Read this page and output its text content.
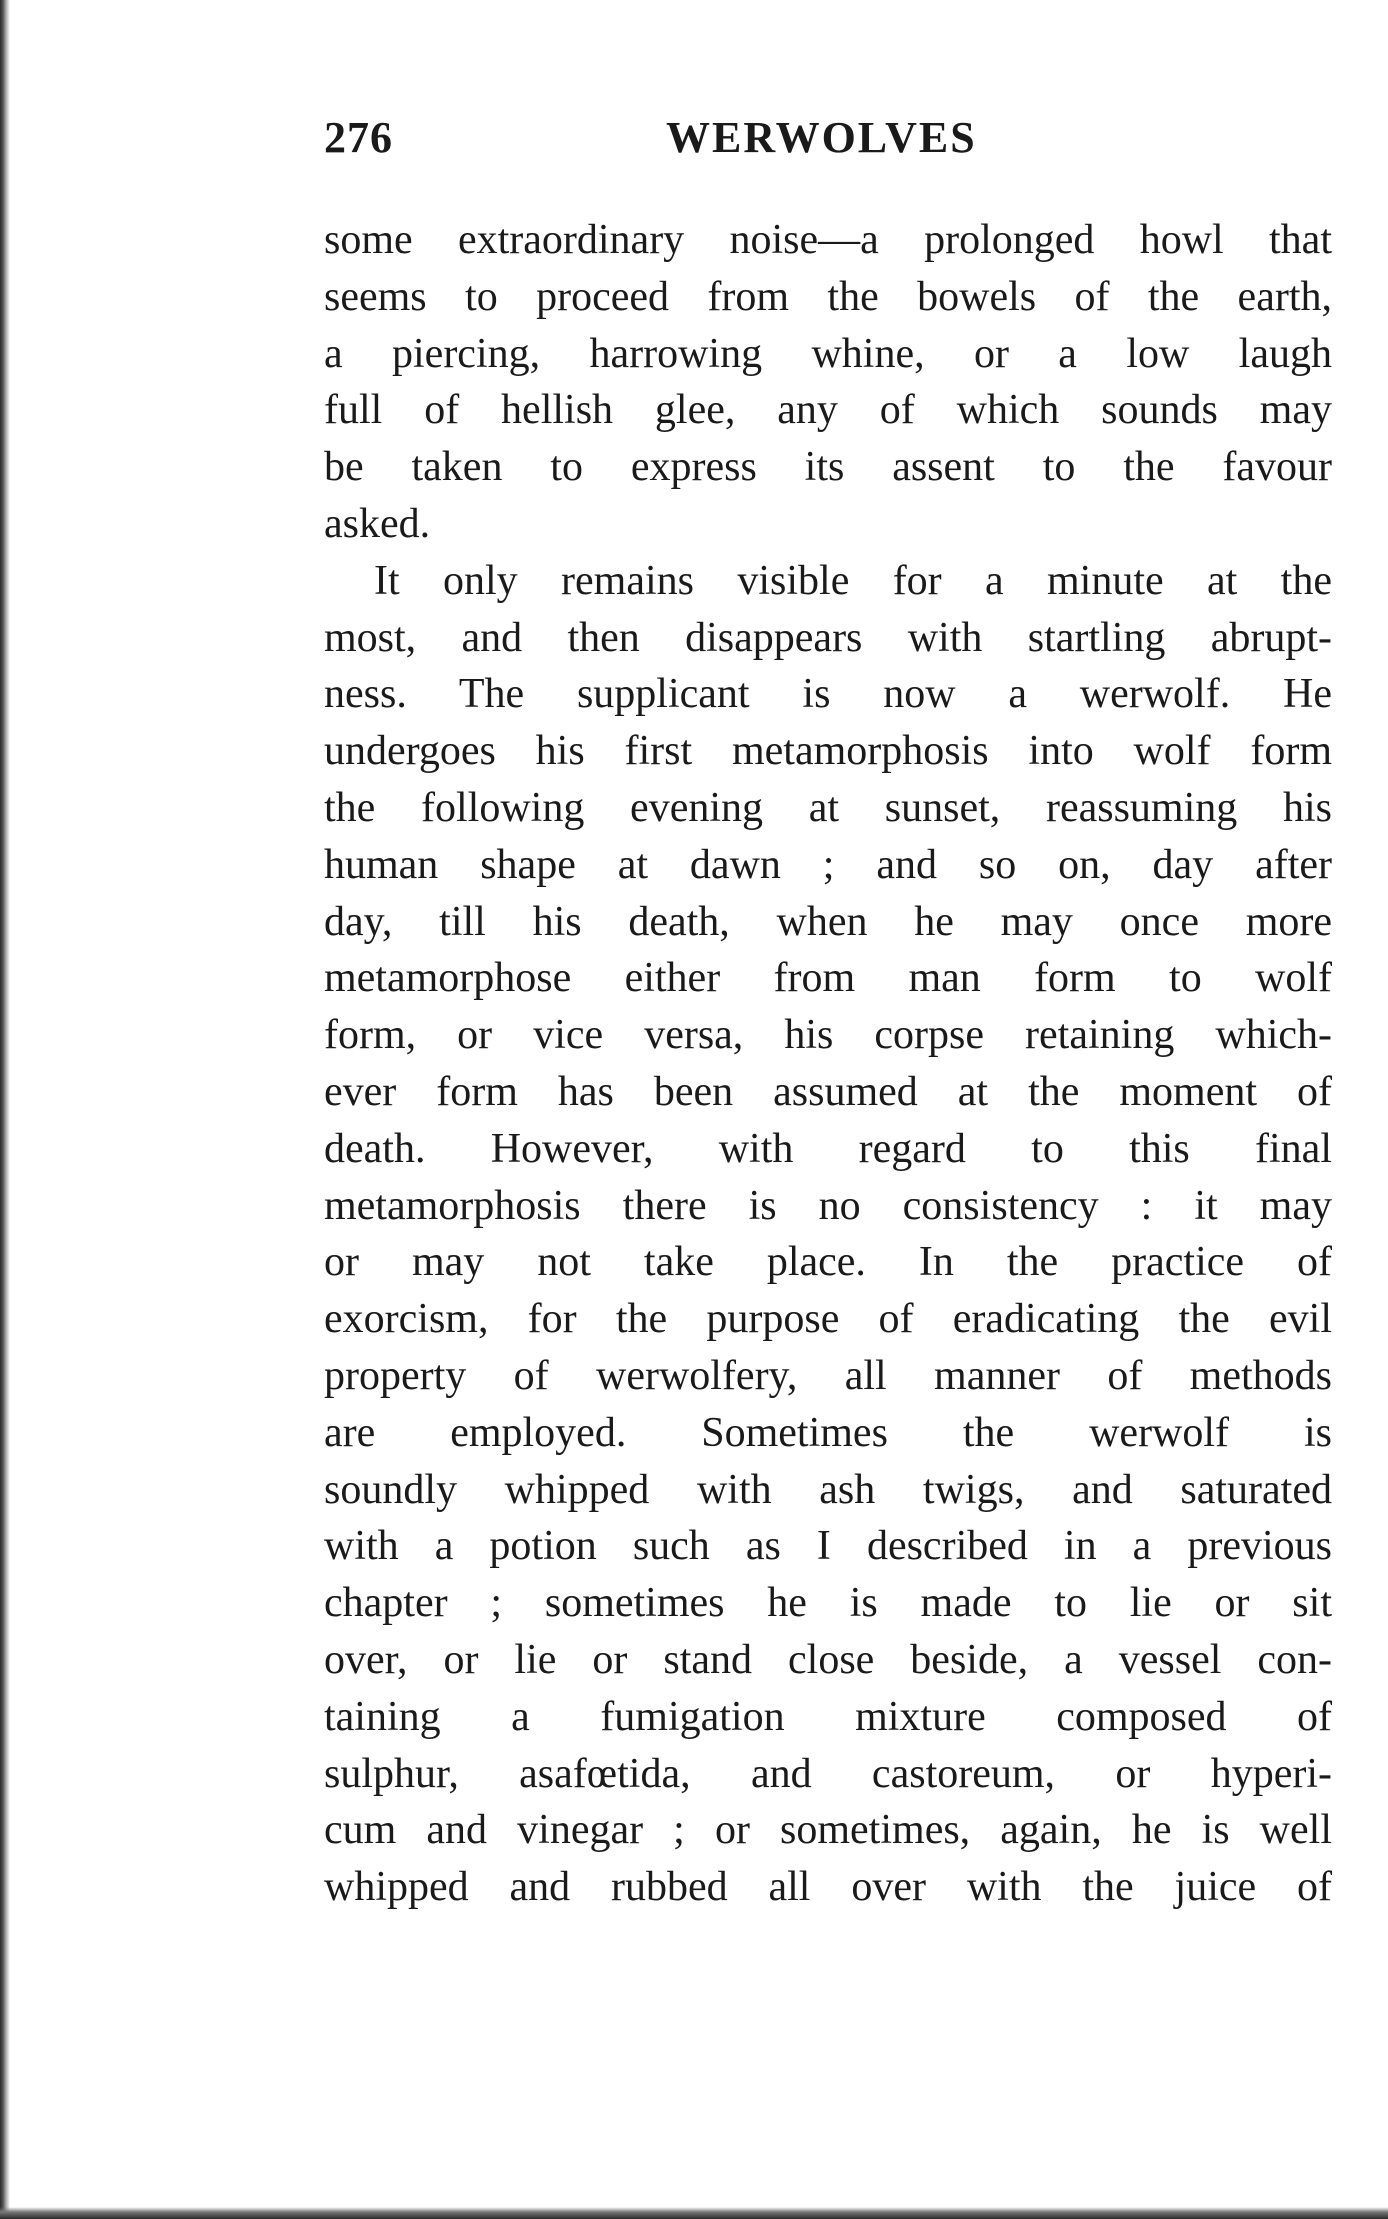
276	WERWOLVES
some extraordinary noise—a prolonged howl that
seems to proceed from the bowels of the earth,
a piercing, harrowing whine, or a low laugh
full of hellish glee, any of which sounds may
be taken to express its assent to the favour
asked.
It only remains visible for a minute at the
most, and then disappears with startling abrupt-
ness. The supplicant is now a werwolf. He
undergoes his first metamorphosis into wolf form
the following evening at sunset, reassuming his
human shape at dawn ; and so on, day after
day, till his death, when he may once more
metamorphose either from man form to wolf
form, or vice versa, his corpse retaining which-
ever form has been assumed at the moment of
death. However, with regard to this final
metamorphosis there is no consistency : it may
or may not take place. In the practice of
exorcism, for the purpose of eradicating the evil
property of werwolfery, all manner of methods
are employed. Sometimes the werwolf is
soundly whipped with ash twigs, and saturated
with a potion such as I described in a previous
chapter ; sometimes he is made to lie or sit
over, or lie or stand close beside, a vessel con-
taining a fumigation mixture composed of
sulphur, asafœtida, and castoreum, or hyperi-
cum and vinegar ; or sometimes, again, he is well
whipped and rubbed all over with the juice of
